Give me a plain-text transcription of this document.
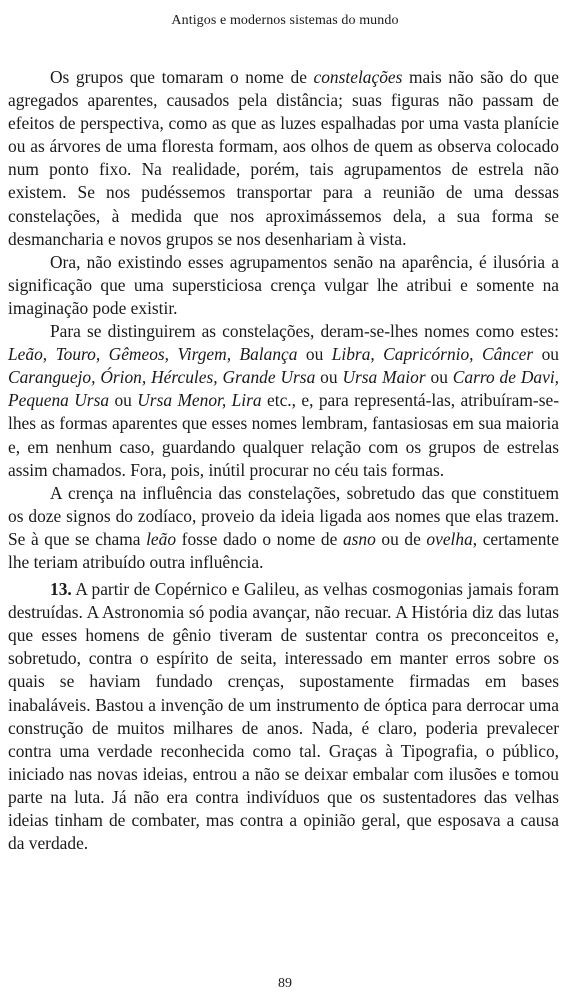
Antigos e modernos sistemas do mundo

Os grupos que tomaram o nome de constelações mais não são do que agregados aparentes, causados pela distância; suas figuras não passam de efeitos de perspectiva, como as que as luzes espalhadas por uma vasta planície ou as árvores de uma floresta formam, aos olhos de quem as observa colocado num ponto fixo. Na realidade, porém, tais agrupamentos de estrela não existem. Se nos pudéssemos transportar para a reunião de uma dessas constelações, à medida que nos aproximássemos dela, a sua forma se desmancharia e novos grupos se nos desenhariam à vista.

Ora, não existindo esses agrupamentos senão na aparência, é ilusória a significação que uma supersticiosa crença vulgar lhe atribui e somente na imaginação pode existir.

Para se distinguirem as constelações, deram-se-lhes nomes como estes: Leão, Touro, Gêmeos, Virgem, Balança ou Libra, Capricórnio, Câncer ou Caranguejo, Órion, Hércules, Grande Ursa ou Ursa Maior ou Carro de Davi, Pequena Ursa ou Ursa Menor, Lira etc., e, para representá-las, atribuíram-se-lhes as formas aparentes que esses nomes lembram, fantasiosas em sua maioria e, em nenhum caso, guardando qualquer relação com os grupos de estrelas assim chamados. Fora, pois, inútil procurar no céu tais formas.

A crença na influência das constelações, sobretudo das que constituem os doze signos do zodíaco, proveio da ideia ligada aos nomes que elas trazem. Se à que se chama leão fosse dado o nome de asno ou de ovelha, certamente lhe teriam atribuído outra influência.

13. A partir de Copérnico e Galileu, as velhas cosmogonias jamais foram destruídas. A Astronomia só podia avançar, não recuar. A História diz das lutas que esses homens de gênio tiveram de sustentar contra os preconceitos e, sobretudo, contra o espírito de seita, interessado em manter erros sobre os quais se haviam fundado crenças, supostamente firmadas em bases inabaláveis. Bastou a invenção de um instrumento de óptica para derrocar uma construção de muitos milhares de anos. Nada, é claro, poderia prevalecer contra uma verdade reconhecida como tal. Graças à Tipografia, o público, iniciado nas novas ideias, entrou a não se deixar embalar com ilusões e tomou parte na luta. Já não era contra indivíduos que os sustentadores das velhas ideias tinham de combater, mas contra a opinião geral, que esposava a causa da verdade.

89
